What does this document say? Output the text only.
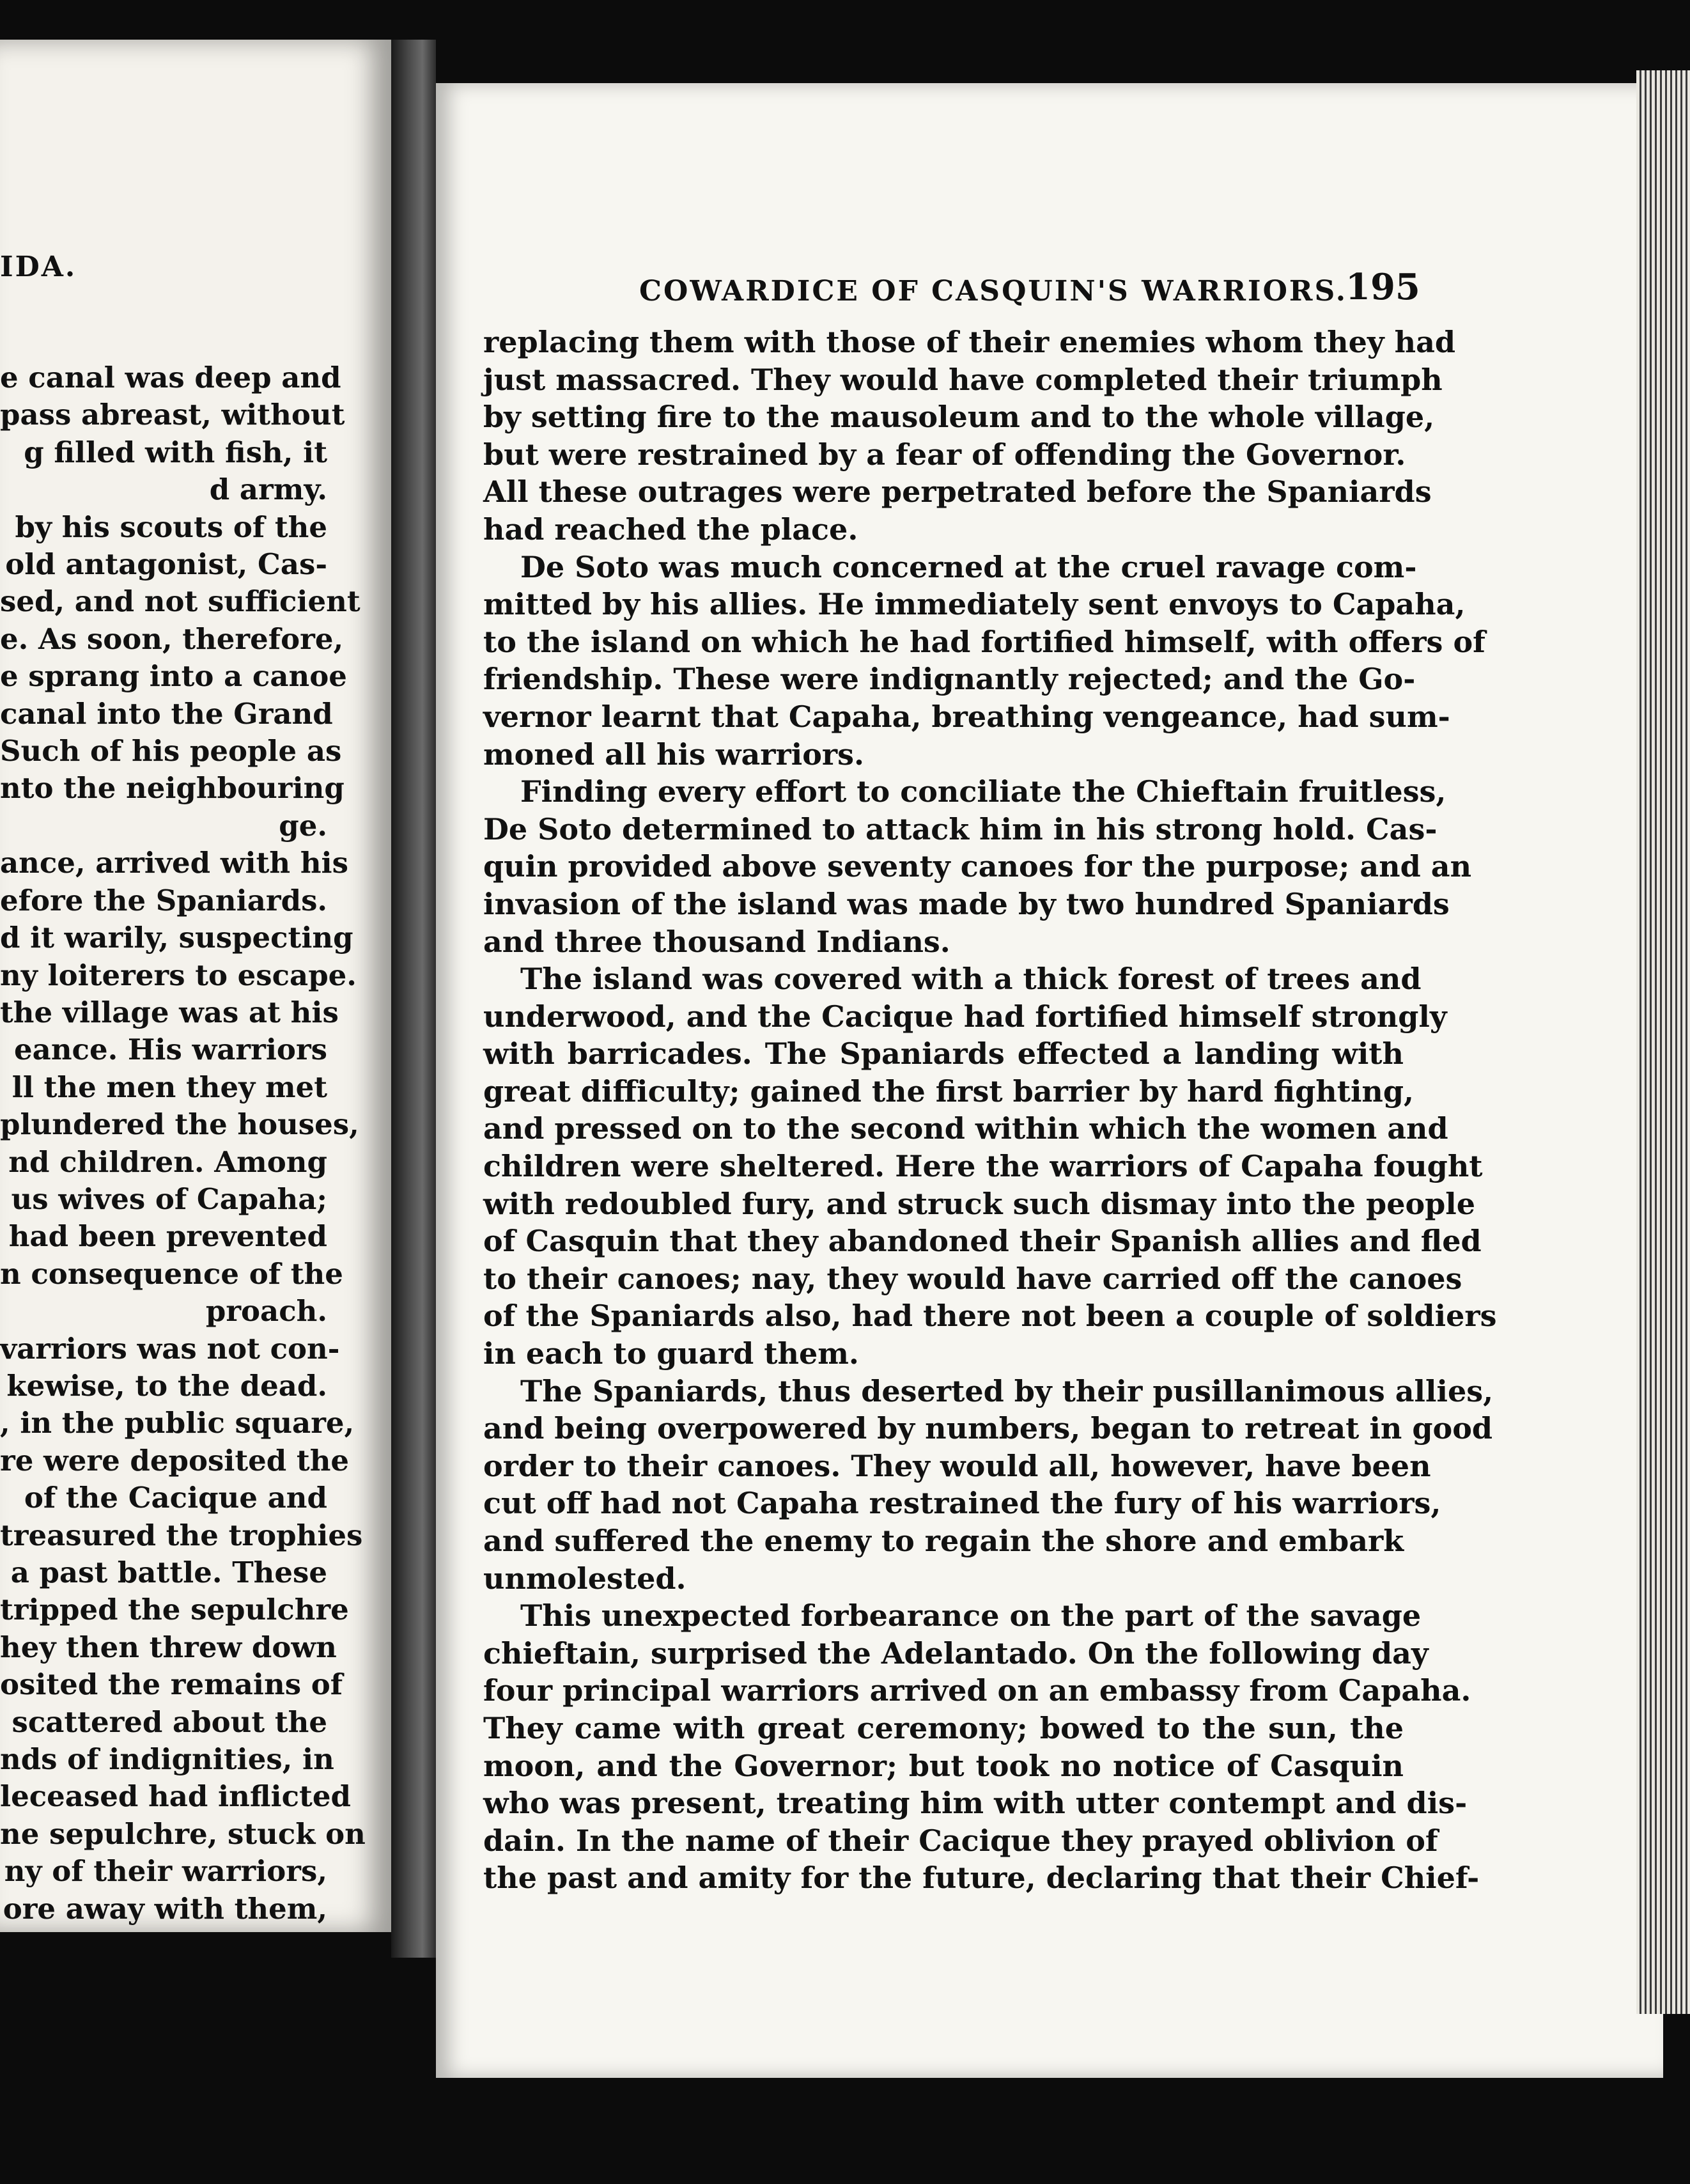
IDA.
e canal was deep and
pass abreast, without
g filled with fish, it
d army.
by his scouts of the
old antagonist, Cas-
sed, and not sufficient
e. As soon, therefore,
e sprang into a canoe
canal into the Grand
Such of his people as
nto the neighbouring
ge.
ance, arrived with his
efore the Spaniards.
d it warily, suspecting
ny loiterers to escape.
the village was at his
eance. His warriors
ll the men they met
plundered the houses,
nd children. Among
us wives of Capaha;
had been prevented
n consequence of the
proach.
varriors was not con-
kewise, to the dead.
, in the public square,
re were deposited the
of the Cacique and
treasured the trophies
a past battle. These
tripped the sepulchre
hey then threw down
osited the remains of
scattered about the
nds of indignities, in
leceased had inflicted
ne sepulchre, stuck on
ny of their warriors,
ore away with them,
COWARDICE OF CASQUIN'S WARRIORS.
195
replacing them with those of their enemies whom they had
just massacred. They would have completed their triumph
by setting fire to the mausoleum and to the whole village,
but were restrained by a fear of offending the Governor.
All these outrages were perpetrated before the Spaniards
had reached the place.
De Soto was much concerned at the cruel ravage com-
mitted by his allies. He immediately sent envoys to Capaha,
to the island on which he had fortified himself, with offers of
friendship. These were indignantly rejected; and the Go-
vernor learnt that Capaha, breathing vengeance, had sum-
moned all his warriors.
Finding every effort to conciliate the Chieftain fruitless,
De Soto determined to attack him in his strong hold. Cas-
quin provided above seventy canoes for the purpose; and an
invasion of the island was made by two hundred Spaniards
and three thousand Indians.
The island was covered with a thick forest of trees and
underwood, and the Cacique had fortified himself strongly
with barricades. The Spaniards effected a landing with
great difficulty; gained the first barrier by hard fighting,
and pressed on to the second within which the women and
children were sheltered. Here the warriors of Capaha fought
with redoubled fury, and struck such dismay into the people
of Casquin that they abandoned their Spanish allies and fled
to their canoes; nay, they would have carried off the canoes
of the Spaniards also, had there not been a couple of soldiers
in each to guard them.
The Spaniards, thus deserted by their pusillanimous allies,
and being overpowered by numbers, began to retreat in good
order to their canoes. They would all, however, have been
cut off had not Capaha restrained the fury of his warriors,
and suffered the enemy to regain the shore and embark
unmolested.
This unexpected forbearance on the part of the savage
chieftain, surprised the Adelantado. On the following day
four principal warriors arrived on an embassy from Capaha.
They came with great ceremony; bowed to the sun, the
moon, and the Governor; but took no notice of Casquin
who was present, treating him with utter contempt and dis-
dain. In the name of their Cacique they prayed oblivion of
the past and amity for the future, declaring that their Chief-
